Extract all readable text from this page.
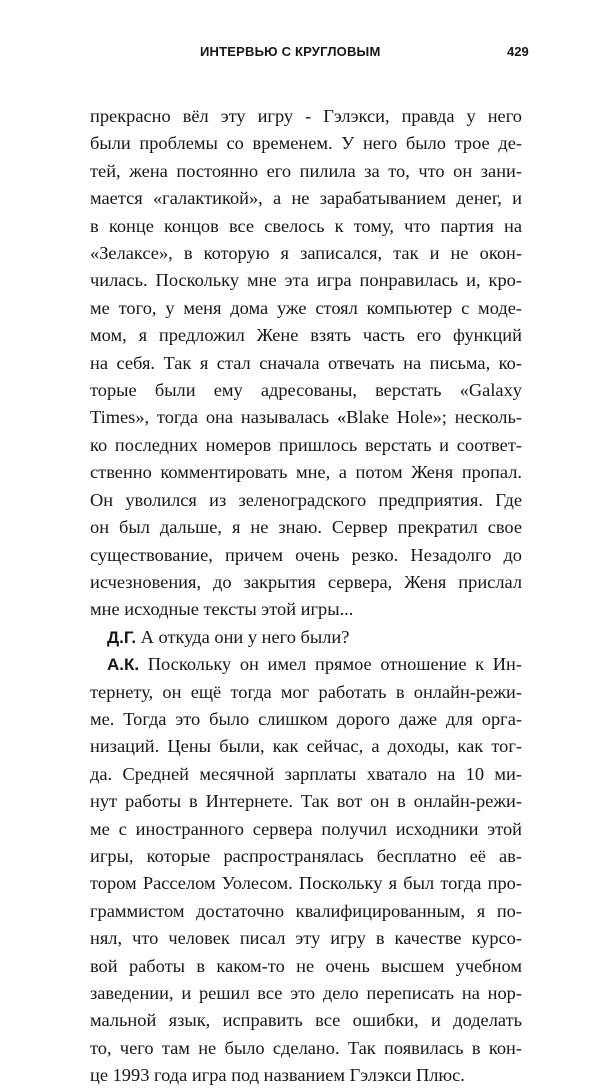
ИНТЕРВЬЮ С КРУГЛОВЫМ	429
прекрасно вёл эту игру - Гэлэкси, правда у него
были проблемы со временем. У него было трое де-
тей, жена постоянно его пилила за то, что он зани-
мается «галактикой», а не зарабатыванием денег, и
в конце концов все свелось к тому, что партия на
«Зелаксе», в которую я записался, так и не окон-
чилась. Поскольку мне эта игра понравилась и, кро-
ме того, у меня дома уже стоял компьютер с моде-
мом, я предложил Жене взять часть его функций
на себя. Так я стал сначала отвечать на письма, ко-
торые были ему адресованы, верстать «Galaxy
Times», тогда она называлась «Blake Hole»; несколь-
ко последних номеров пришлось верстать и соответ-
ственно комментировать мне, а потом Женя пропал.
Он уволился из зеленоградского предприятия. Где
он был дальше, я не знаю. Сервер прекратил свое
существование, причем очень резко. Незадолго до
исчезновения, до закрытия сервера, Женя прислал
мне исходные тексты этой игры...
Д.Г. А откуда они у него были?
А.К. Поскольку он имел прямое отношение к Ин-
тернету, он ещё тогда мог работать в онлайн-режи-
ме. Тогда это было слишком дорого даже для орга-
низаций. Цены были, как сейчас, а доходы, как тог-
да. Средней месячной зарплаты хватало на 10 ми-
нут работы в Интернете. Так вот он в онлайн-режи-
ме с иностранного сервера получил исходники этой
игры, которые распространялась бесплатно её ав-
тором Расселом Уолесом. Поскольку я был тогда про-
граммистом достаточно квалифицированным, я по-
нял, что человек писал эту игру в качестве курсо-
вой работы в каком-то не очень высшем учебном
заведении, и решил все это дело переписать на нор-
мальной язык, исправить все ошибки, и доделать
то, чего там не было сделано. Так появилась в кон-
це 1993 года игра под названием Гэлэкси Плюс.
